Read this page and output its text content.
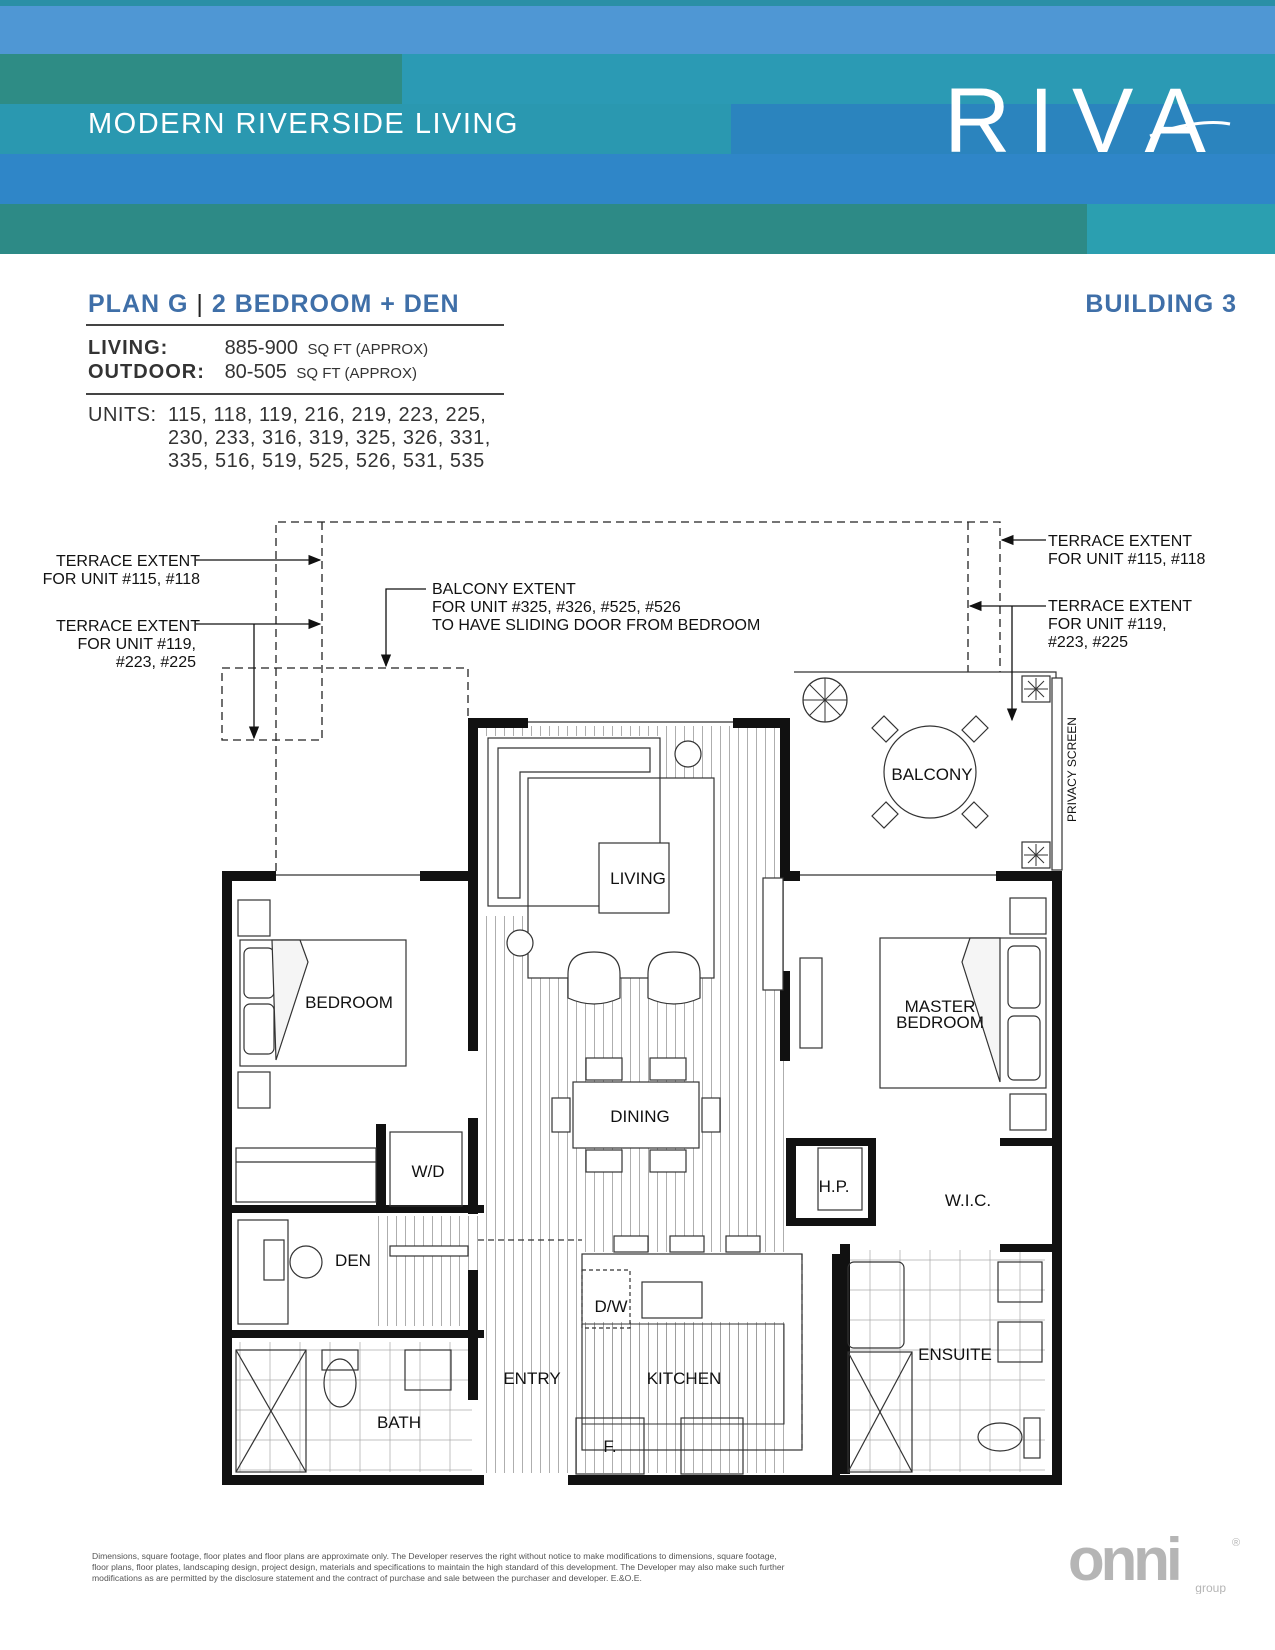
MODERN RIVERSIDE LIVING	RIVA
PLAN G | 2 BEDROOM + DEN	BUILDING 3
LIVING:	885-900 SQ FT (APPROX)
OUTDOOR: 80-505 SQ FT (APPROX)
UNITS: 115, 118, 119, 216, 219, 223, 225,
230, 233, 316, 319, 325, 326, 331,
335, 516, 519, 525, 526, 531, 535
TERRACE EXTENT
FOR UNIT #115, #118
TERRACE EXTENT
FOR UNIT #119,
#223, #225
BALCONY EXTENT
FOR UNIT #325, #326, #525, #526
TO HAVE SLIDING DOOR FROM BEDROOM
TERRACE EXTENT
FOR UNIT #115, #118
TERRACE EXTENT
FOR UNIT #119,
#223, #225
PRIVACY SCREEN
LIVING
BALCONY
BEDROOM	MASTER
BEDROOM
DINING
W/D
H.P.
W.I.C.
DEN
D/W
ENSUITE
ENTRY	KITCHEN
BATH
F.
Dimensions, square footage, floor plates and floor plans are approximate only. The Developer reserves the right without notice to make modifications to dimensions, square footage,
floor plans, floor plates, landscaping design, project design, materials and specifications to maintain the high standard of this development. The Developer may also make such further
modifications as are permitted by the disclosure statement and the contract of purchase and sale between the purchaser and developer. E.&O.E.	onni group
®
